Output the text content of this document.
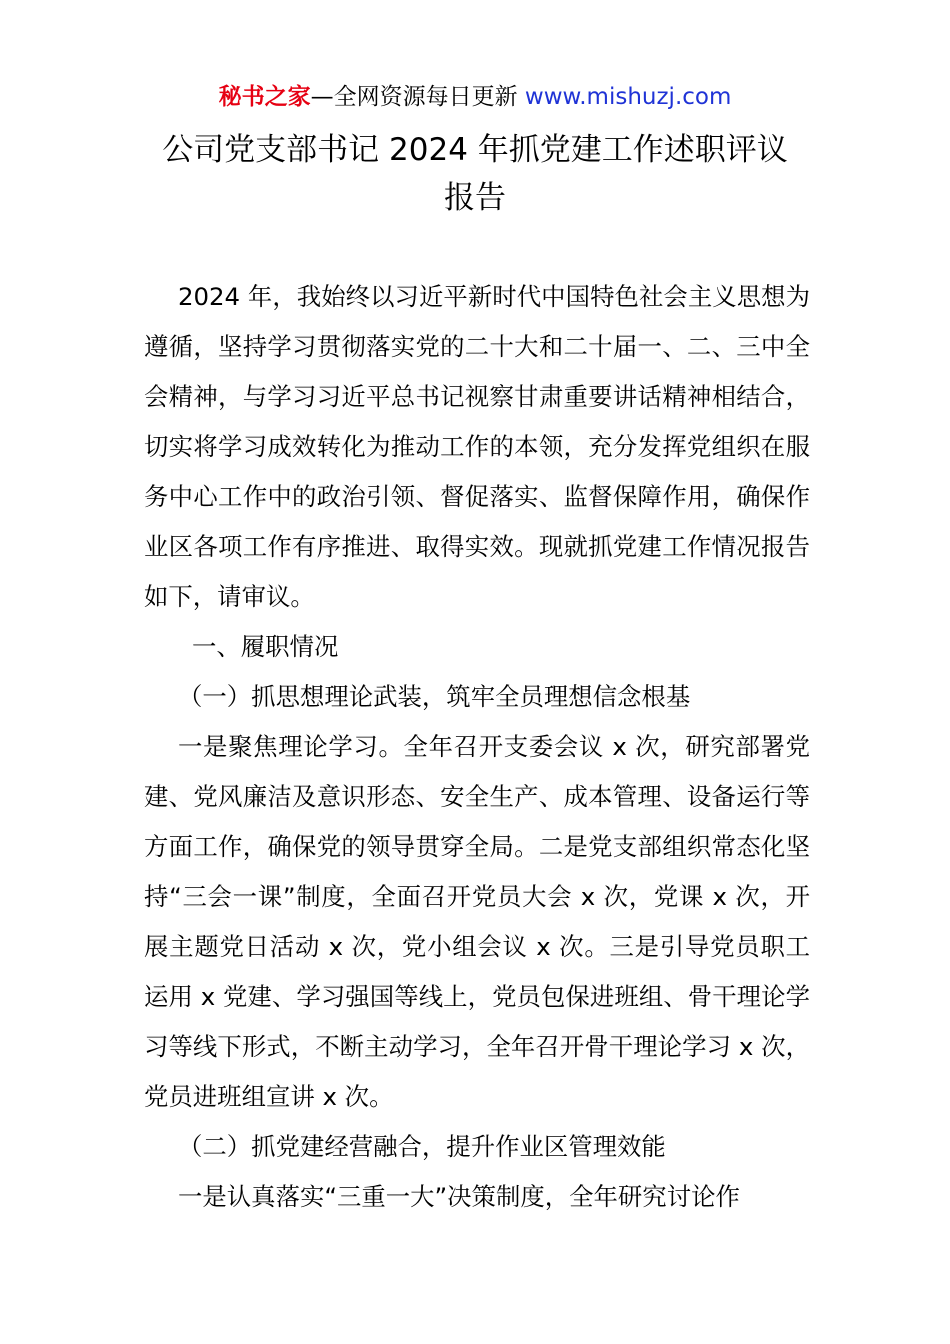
秘书之家—全网资源每日更新 www.mishuzj.com
公司党支部书记 2024 年抓党建工作述职评议
报告

2024 年，我始终以习近平新时代中国特色社会主义思想为遵循，坚持学习贯彻落实党的二十大和二十届一、二、三中全会精神，与学习习近平总书记视察甘肃重要讲话精神相结合，切实将学习成效转化为推动工作的本领，充分发挥党组织在服务中心工作中的政治引领、督促落实、监督保障作用，确保作业区各项工作有序推进、取得实效。现就抓党建工作情况报告如下，请审议。

一、履职情况

（一）抓思想理论武装，筑牢全员理想信念根基

一是聚焦理论学习。全年召开支委会议 x 次，研究部署党建、党风廉洁及意识形态、安全生产、成本管理、设备运行等方面工作，确保党的领导贯穿全局。二是党支部组织常态化坚持“三会一课”制度，全面召开党员大会 x 次，党课 x 次，开展主题党日活动 x 次，党小组会议 x 次。三是引导党员职工运用 x 党建、学习强国等线上，党员包保进班组、骨干理论学习等线下形式，不断主动学习，全年召开骨干理论学习 x 次，党员进班组宣讲 x 次。

（二）抓党建经营融合，提升作业区管理效能

一是认真落实“三重一大”决策制度，全年研究讨论作
